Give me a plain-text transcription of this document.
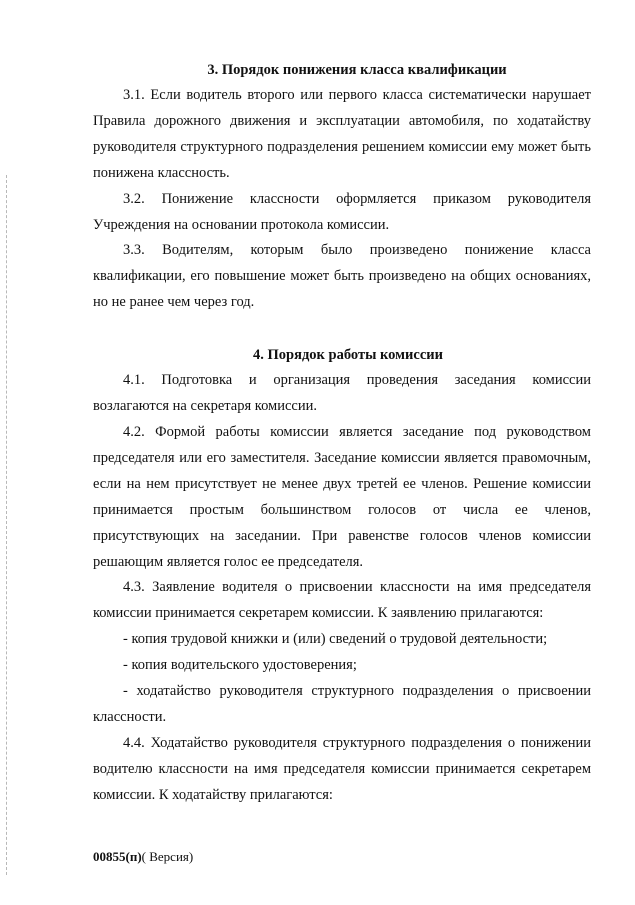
3. Порядок понижения класса квалификации

3.1. Если водитель второго или первого класса систематически нарушает Правила дорожного движения и эксплуатации автомобиля, по ходатайству руководителя структурного подразделения решением комиссии ему может быть понижена классность.

3.2. Понижение классности оформляется приказом руководителя Учреждения на основании протокола комиссии.

3.3. Водителям, которым было произведено понижение класса квалификации, его повышение может быть произведено на общих основаниях, но не ранее чем через год.

4. Порядок работы комиссии

4.1. Подготовка и организация проведения заседания комиссии возлагаются на секретаря комиссии.

4.2. Формой работы комиссии является заседание под руководством председателя или его заместителя. Заседание комиссии является правомочным, если на нем присутствует не менее двух третей ее членов. Решение комиссии принимается простым большинством голосов от числа ее членов, присутствующих на заседании. При равенстве голосов членов комиссии решающим является голос ее председателя.

4.3. Заявление водителя о присвоении классности на имя председателя комиссии принимается секретарем комиссии. К заявлению прилагаются:

- копия трудовой книжки и (или) сведений о трудовой деятельности;

- копия водительского удостоверения;

- ходатайство руководителя структурного подразделения о присвоении классности.

4.4. Ходатайство руководителя структурного подразделения о понижении водителю классности на имя председателя комиссии принимается секретарем комиссии. К ходатайству прилагаются:

00855(п)( Версия)
